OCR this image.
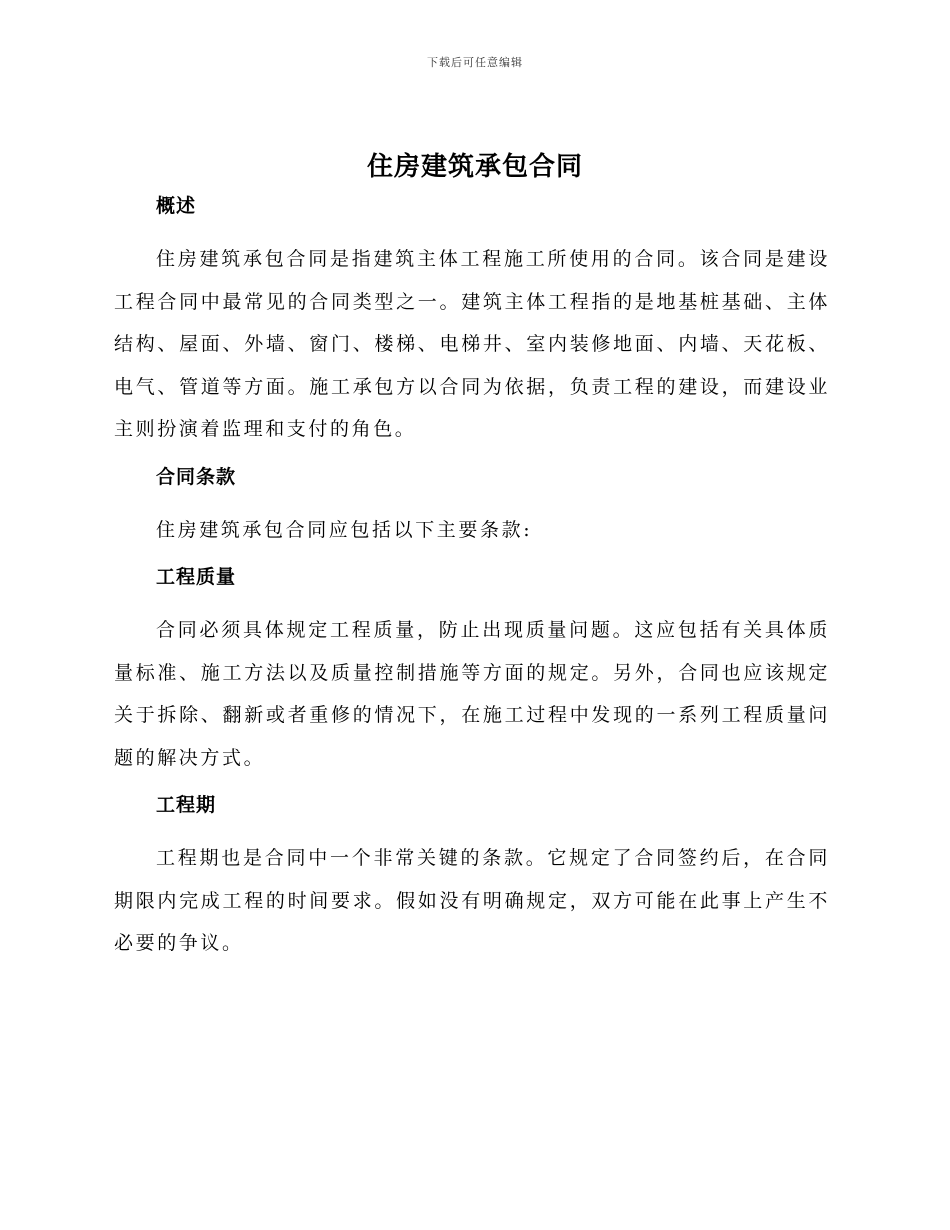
下载后可任意编辑
住房建筑承包合同
概述

住房建筑承包合同是指建筑主体工程施工所使用的合同。该合同是建设工程合同中最常见的合同类型之一。建筑主体工程指的是地基桩基础、主体结构、屋面、外墙、窗门、楼梯、电梯井、室内装修地面、内墙、天花板、电气、管道等方面。施工承包方以合同为依据，负责工程的建设，而建设业主则扮演着监理和支付的角色。

合同条款

住房建筑承包合同应包括以下主要条款:

工程质量

合同必须具体规定工程质量，防止出现质量问题。这应包括有关具体质量标准、施工方法以及质量控制措施等方面的规定。另外，合同也应该规定关于拆除、翻新或者重修的情况下，在施工过程中发现的一系列工程质量问题的解决方式。

工程期

工程期也是合同中一个非常关键的条款。它规定了合同签约后，在合同期限内完成工程的时间要求。假如没有明确规定，双方可能在此事上产生不必要的争议。
